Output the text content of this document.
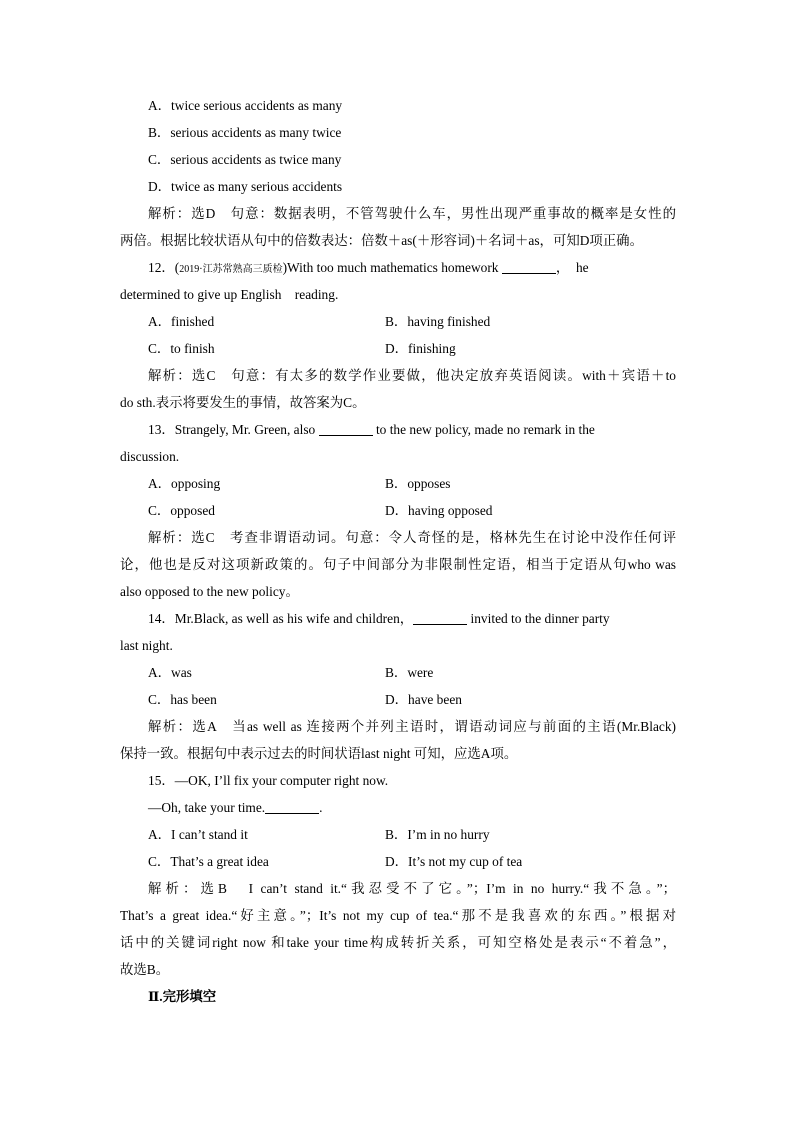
A．twice serious accidents as many
B．serious accidents as many twice
C．serious accidents as twice many
D．twice as many serious accidents
解析：选D　句意：数据表明，不管驾驶什么车，男性出现严重事故的概率是女性的
两倍。根据比较状语从句中的倍数表达：倍数＋as(＋形容词)＋名词＋as，可知D项正确。
12．(2019·江苏常熟高三质检)With too much mathematics homework	，　he
determined to give up English　reading.
A．finished	B．having finished
C．to finish	D．finishing
解析：选C　句意：有太多的数学作业要做，他决定放弃英语阅读。with＋宾语＋to
do sth.表示将要发生的事情，故答案为C。
13．Strangely, Mr. Green, also	to the new policy, made no remark in the
discussion.
A．opposing	B．opposes
C．opposed	D．having opposed
解析：选C　考查非谓语动词。句意：令人奇怪的是，格林先生在讨论中没作任何评
论，他也是反对这项新政策的。句子中间部分为非限制性定语，相当于定语从句who was
also opposed to the new policy。
14．Mr.Black, as well as his wife and children，	invited to the dinner party
last night.
A．was	B．were
C．has been	D．have been
解析：选A　当as well as 连接两个并列主语时，谓语动词应与前面的主语(Mr.Black)
保持一致。根据句中表示过去的时间状语last night 可知，应选A项。
15．—OK, I’ll fix your computer right now.
—Oh, take your time.	.
A．I can’t stand it	B．I’m in no hurry
C．That’s a great idea	D．It’s not my cup of tea
解析：选B　I can’t stand it.“我忍受不了它。”；I’m in no hurry.“我不急。”；
That’s a great idea.“好主意。”；It’s not my cup of tea.“那不是我喜欢的东西。”根据对
话中的关键词right now 和take your time构成转折关系，可知空格处是表示“不着急”，
故选B。
Ⅱ.完形填空
